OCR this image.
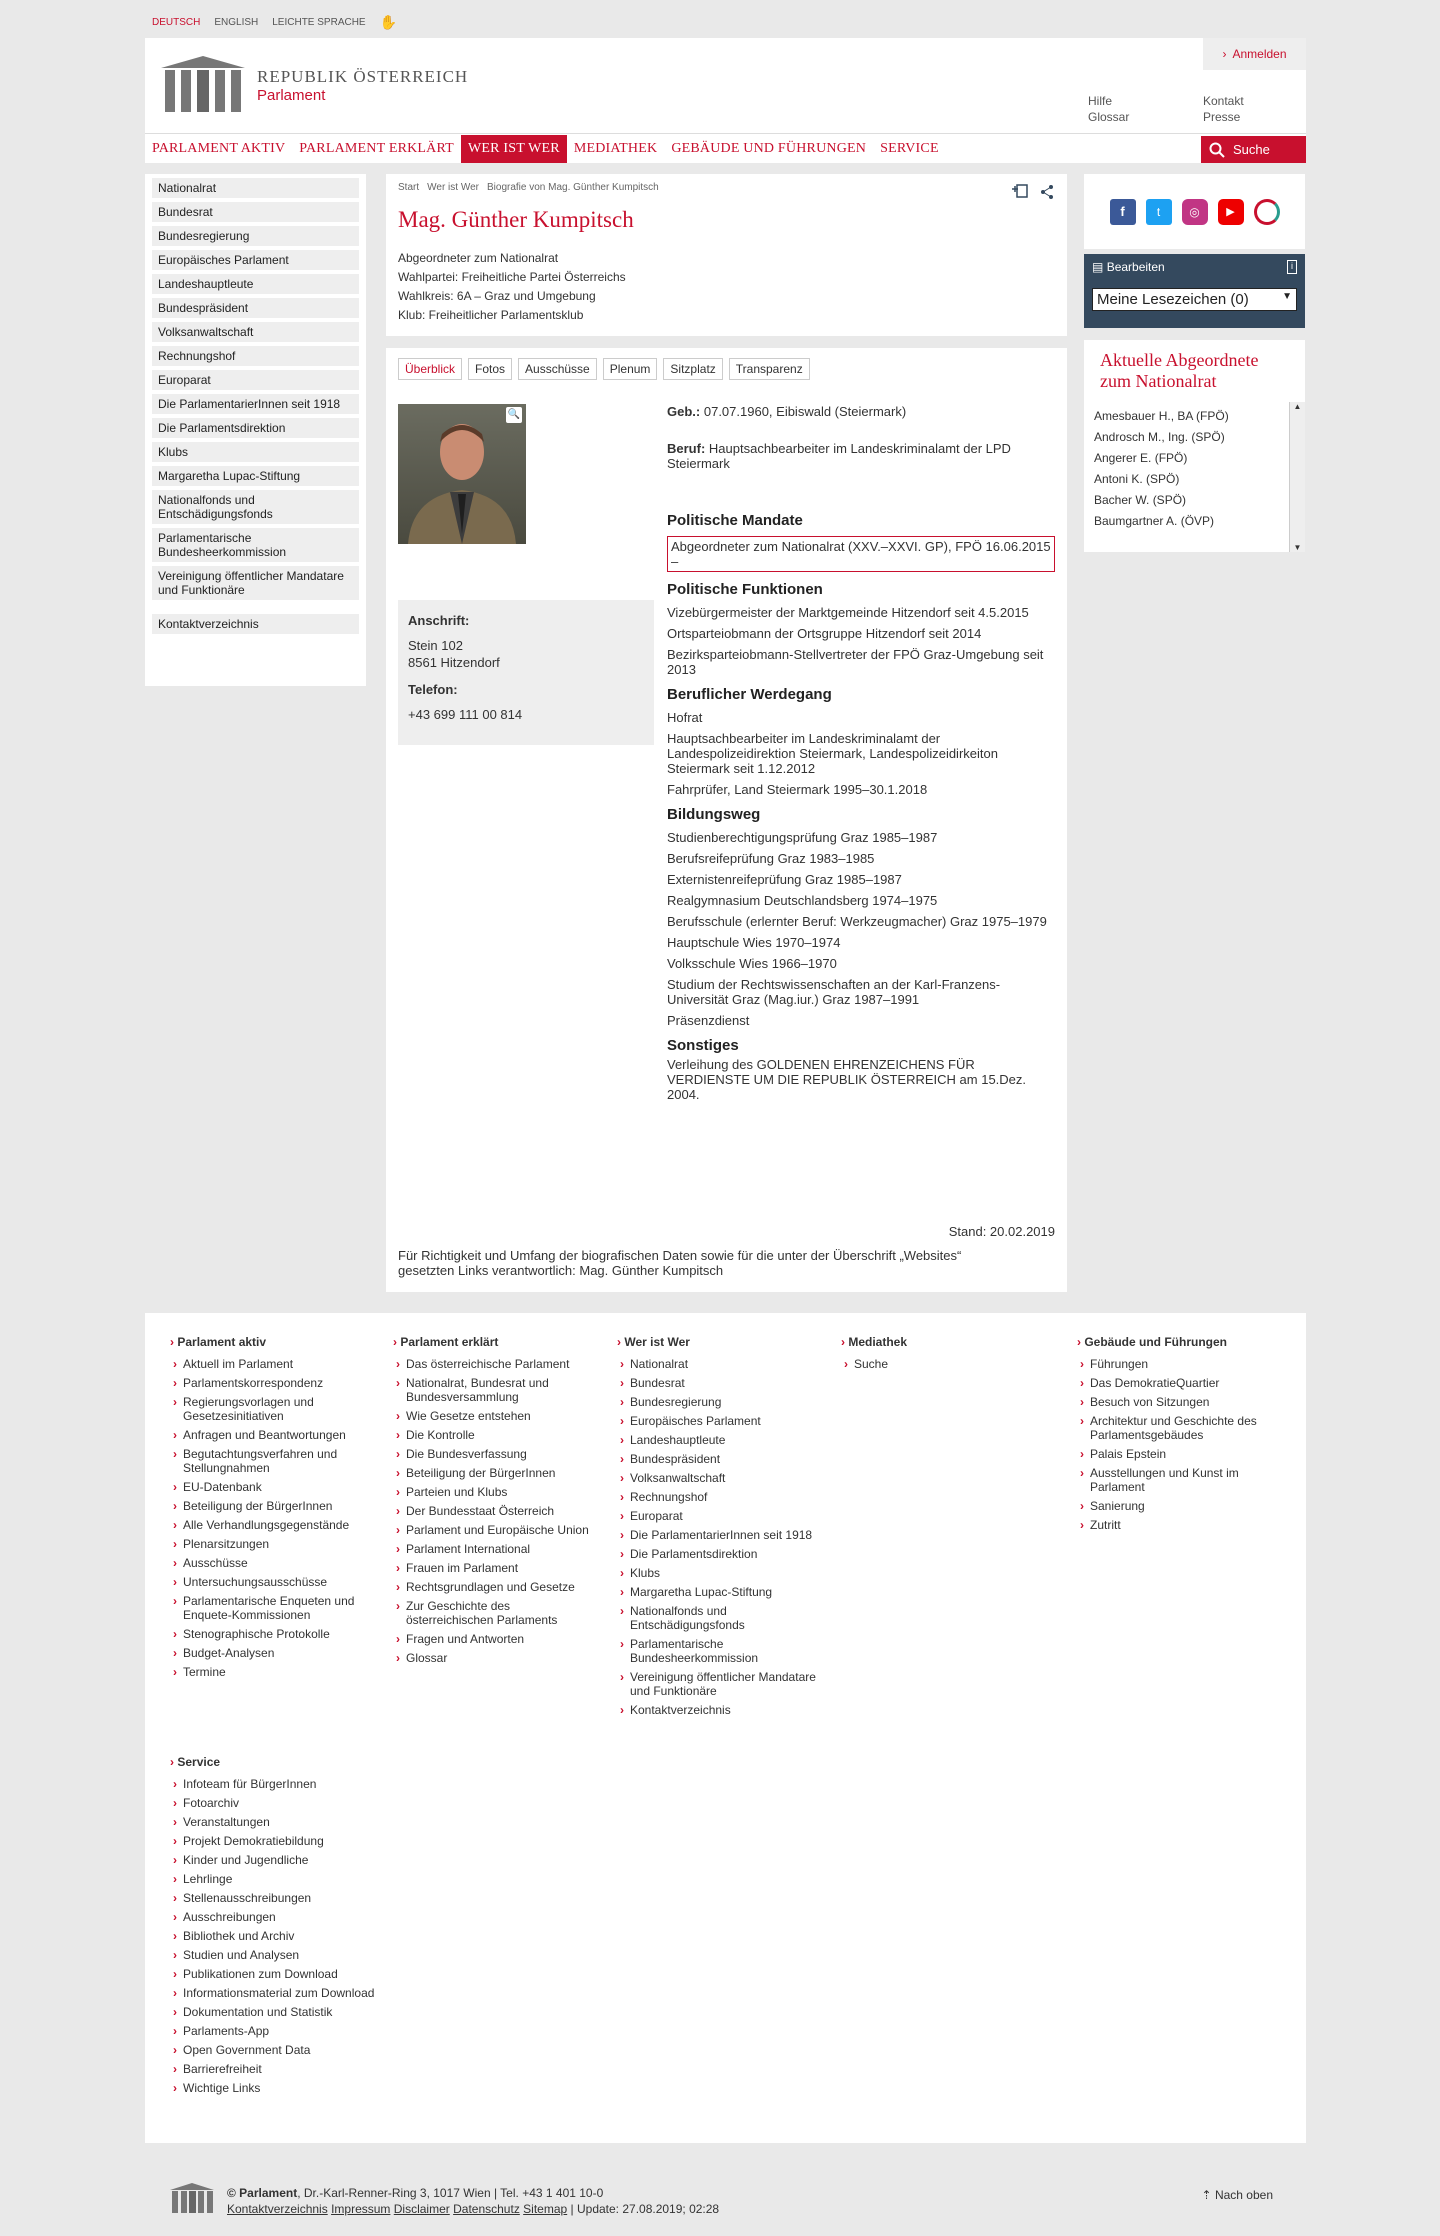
DEUTSCH ENGLISH LEICHTE SPRACHE ✋
REPUBLIK ÖSTERREICH
Parlament
› Anmelden
Hilfe
Glossar
Kontakt
Presse
PARLAMENT AKTIV	PARLAMENT ERKLÄRT	WER IST WER	MEDIATHEK	GEBÄUDE UND FÜHRUNGEN	SERVICE	Suche
Nationalrat
Bundesrat
Bundesregierung
Europäisches Parlament
Landeshauptleute
Bundespräsident
Volksanwaltschaft
Rechnungshof
Europarat
Die ParlamentarierInnen seit 1918
Die Parlamentsdirektion
Klubs
Margaretha Lupac-Stiftung
Nationalfonds und Entschädigungsfonds
Parlamentarische Bundesheerkommission
Vereinigung öffentlicher Mandatare und Funktionäre
Kontaktverzeichnis
Start Wer ist Wer Biografie von Mag. Günther Kumpitsch
Mag. Günther Kumpitsch
Abgeordneter zum Nationalrat
Wahlpartei: Freiheitliche Partei Österreichs
Wahlkreis: 6A – Graz und Umgebung
Klub: Freiheitlicher Parlamentsklub
Überblick	Fotos	Ausschüsse	Plenum	Sitzplatz	Transparenz
🔍
Anschrift:
Stein 102
8561 Hitzendorf
Telefon:
+43 699 111 00 814

Geb.: 07.07.1960, Eibiswald (Steiermark)

Beruf: Hauptsachbearbeiter im Landeskriminalamt der LPD Steiermark

Politische Mandate

Abgeordneter zum Nationalrat (XXV.–XXVI. GP), FPÖ 16.06.2015 –

Politische Funktionen

Vizebürgermeister der Marktgemeinde Hitzendorf seit 4.5.2015

Ortsparteiobmann der Ortsgruppe Hitzendorf seit 2014

Bezirksparteiobmann-Stellvertreter der FPÖ Graz-Umgebung seit 2013

Beruflicher Werdegang

Hofrat

Hauptsachbearbeiter im Landeskriminalamt der Landespolizeidirektion Steiermark, Landespolizeidirkeiton Steiermark seit 1.12.2012

Fahrprüfer, Land Steiermark 1995–30.1.2018

Bildungsweg

Studienberechtigungsprüfung Graz 1985–1987

Berufsreifeprüfung Graz 1983–1985

Externistenreifeprüfung Graz 1985–1987

Realgymnasium Deutschlandsberg 1974–1975

Berufsschule (erlernter Beruf: Werkzeugmacher) Graz 1975–1979

Hauptschule Wies 1970–1974

Volksschule Wies 1966–1970

Studium der Rechtswissenschaften an der Karl-Franzens-Universität Graz (Mag.iur.) Graz 1987–1991

Präsenzdienst

Sonstiges

Verleihung des GOLDENEN EHRENZEICHENS FÜR VERDIENSTE UM DIE REPUBLIK ÖSTERREICH am 15.Dez. 2004.

Stand: 20.02.2019
Für Richtigkeit und Umfang der biografischen Daten sowie für die unter der Überschrift „Websites“ gesetzten Links verantwortlich: Mag. Günther Kumpitsch
f	t	◎	▶
▤ Bearbeiten	i
Meine Lesezeichen (0)	▼
Aktuelle Abgeordnete zum Nationalrat
Amesbauer H., BA (FPÖ)
Androsch M., Ing. (SPÖ)
Angerer E. (FPÖ)
Antoni K. (SPÖ)
Bacher W. (SPÖ)
Baumgartner A. (ÖVP)
▲
▼
› Parlament aktiv
› Aktuell im Parlament
› Parlamentskorrespondenz
› Regierungsvorlagen und Gesetzesinitiativen
› Anfragen und Beantwortungen
› Begutachtungsverfahren und Stellungnahmen
› EU-Datenbank
› Beteiligung der BürgerInnen
› Alle Verhandlungsgegenstände
› Plenarsitzungen
› Ausschüsse
› Untersuchungsausschüsse
› Parlamentarische Enqueten und Enquete-Kommissionen
› Stenographische Protokolle
› Budget-Analysen
› Termine
› Parlament erklärt
› Das österreichische Parlament
› Nationalrat, Bundesrat und Bundesversammlung
› Wie Gesetze entstehen
› Die Kontrolle
› Die Bundesverfassung
› Beteiligung der BürgerInnen
› Parteien und Klubs
› Der Bundesstaat Österreich
› Parlament und Europäische Union
› Parlament International
› Frauen im Parlament
› Rechtsgrundlagen und Gesetze
› Zur Geschichte des österreichischen Parlaments
› Fragen und Antworten
› Glossar
› Wer ist Wer
› Nationalrat
› Bundesrat
› Bundesregierung
› Europäisches Parlament
› Landeshauptleute
› Bundespräsident
› Volksanwaltschaft
› Rechnungshof
› Europarat
› Die ParlamentarierInnen seit 1918
› Die Parlamentsdirektion
› Klubs
› Margaretha Lupac-Stiftung
› Nationalfonds und Entschädigungsfonds
› Parlamentarische Bundesheerkommission
› Vereinigung öffentlicher Mandatare und Funktionäre
› Kontaktverzeichnis
› Mediathek
› Suche
› Gebäude und Führungen
› Führungen
› Das DemokratieQuartier
› Besuch von Sitzungen
› Architektur und Geschichte des Parlamentsgebäudes
› Palais Epstein
› Ausstellungen und Kunst im Parlament
› Sanierung
› Zutritt
› Service
› Infoteam für BürgerInnen
› Fotoarchiv
› Veranstaltungen
› Projekt Demokratiebildung
› Kinder und Jugendliche
› Lehrlinge
› Stellenausschreibungen
› Ausschreibungen
› Bibliothek und Archiv
› Studien und Analysen
› Publikationen zum Download
› Informationsmaterial zum Download
› Dokumentation und Statistik
› Parlaments-App
› Open Government Data
› Barrierefreiheit
› Wichtige Links
© Parlament, Dr.-Karl-Renner-Ring 3, 1017 Wien | Tel. +43 1 401 10-0
Kontaktverzeichnis Impressum Disclaimer Datenschutz Sitemap | Update: 27.08.2019; 02:28
⇡ Nach oben
